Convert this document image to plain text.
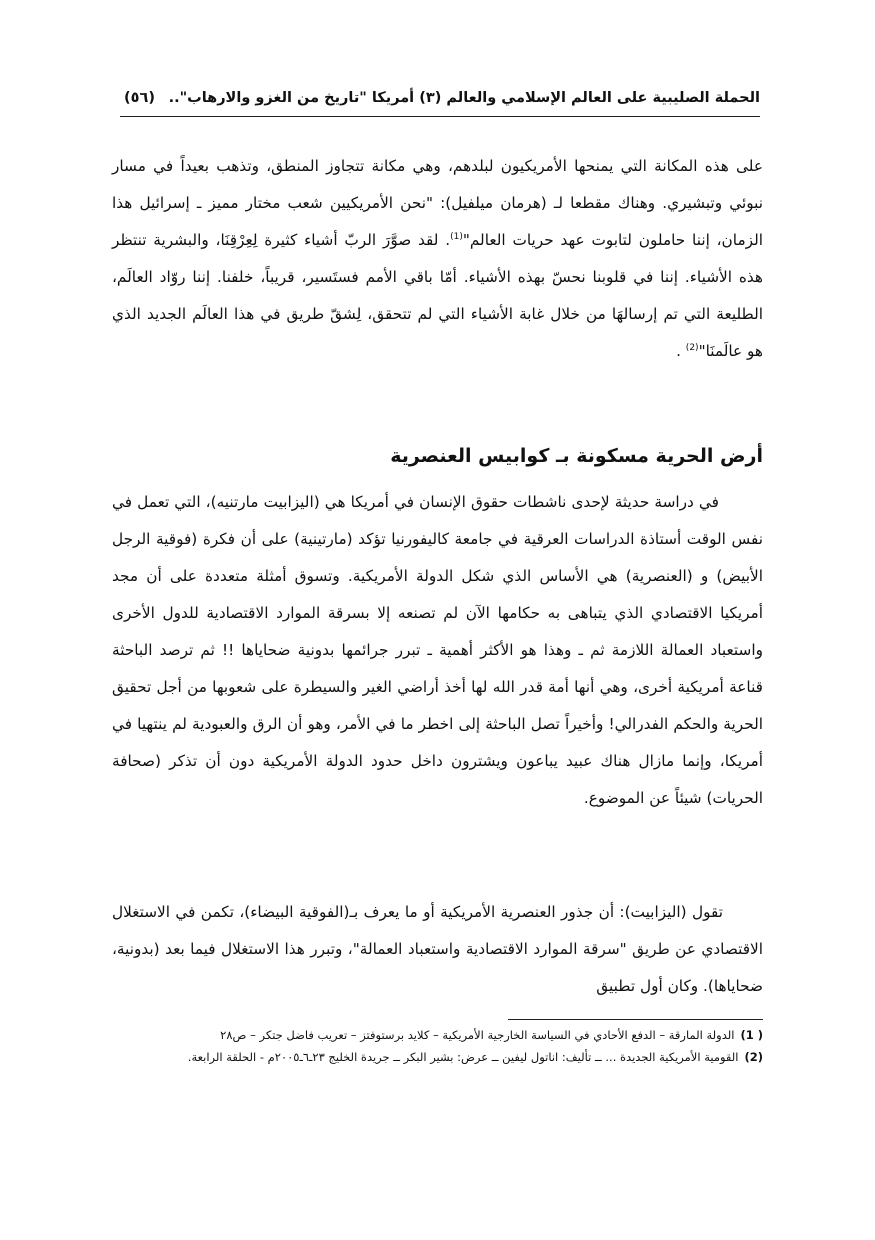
الحملة الصليبية على العالم الإسلامي والعالم (٣) أمريكا "تاريخ من الغزو والارهاب"..
(٥٦)
على هذه المكانة التي يمنحها الأمريكيون لبلدهم، وهي مكانة تتجاوز المنطق، وتذهب بعيداً في مسار نبوئي وتبشيري. وهناك مقطعا لـ (هرمان ميلفيل): "نحن الأمريكيين شعب مختار مميز ـ إسرائيل هذا الزمان، إننا حاملون لتابوت عهد حريات العالم"$^{(1)}$. لقد صوَّرَ الربّ أشياء كثيرة لِعِرْقِنَا، والبشرية تنتظر هذه الأشياء. إننا في قلوبنا نحسّ بهذه الأشياء. أمّا باقي الأمم فستَسير، قريباً، خلفنا. إننا روّاد العالَم، الطليعة التي تم إرسالهَا من خلال غابة الأشياء التي لم تتحقق، لِشقّ طريق في هذا العالَم الجديد الذي هو عالَمنَا"$^{(2)}$ .
أرض الحرية مسكونة بـ كوابيس العنصرية
في دراسة حديثة لإحدى ناشطات حقوق الإنسان في أمريكا هي (اليزابيت مارتنيه)، التي تعمل في نفس الوقت أستاذة الدراسات العرقية في جامعة كاليفورنيا تؤكد (مارتينية) على أن فكرة (فوقية الرجل الأبيض) و (العنصرية) هي الأساس الذي شكل الدولة الأمريكية. وتسوق أمثلة متعددة على أن مجد أمريكيا الاقتصادي الذي يتباهى به حكامها الآن لم تصنعه إلا بسرقة الموارد الاقتصادية للدول الأخرى واستعباد العمالة اللازمة ثم ـ وهذا هو الأكثر أهمية ـ تبرر جرائمها بدونية ضحاياها !! ثم ترصد الباحثة قناعة أمريكية أخرى، وهي أنها أمة قدر الله لها أخذ أراضي الغير والسيطرة على شعوبها من أجل تحقيق الحرية والحكم الفدرالي! وأخيراً تصل الباحثة إلى اخطر ما في الأمر، وهو أن الرق والعبودية لم ينتهيا في أمريكا، وإنما مازال هناك عبيد يباعون ويشترون داخل حدود الدولة الأمريكية دون أن تذكر (صحافة الحريات) شيئاً عن الموضوع.
تقول (اليزابيت): أن جذور العنصرية الأمريكية أو ما يعرف بـ(الفوقية البيضاء)، تكمن في الاستغلال الاقتصادي عن طريق "سرقة الموارد الاقتصادية واستعباد العمالة"، وتبرر هذا الاستغلال فيما بعد (بدونية، ضحاياها). وكان أول تطبيق

( 1)الدولة المارقة – الدفع الأحادي في السياسة الخارجية الأمريكية – كلايد برستوفتز – تعريب فاضل جتكر – ص٢٨

(2)القومية الأمريكية الجديدة ... ــ تأليف: اناتول ليفين ــ عرض: بشير البكر ــ جريدة الخليج ٢٣ـ٦ـ٢٠٠٥م - الحلقة الرابعة.
